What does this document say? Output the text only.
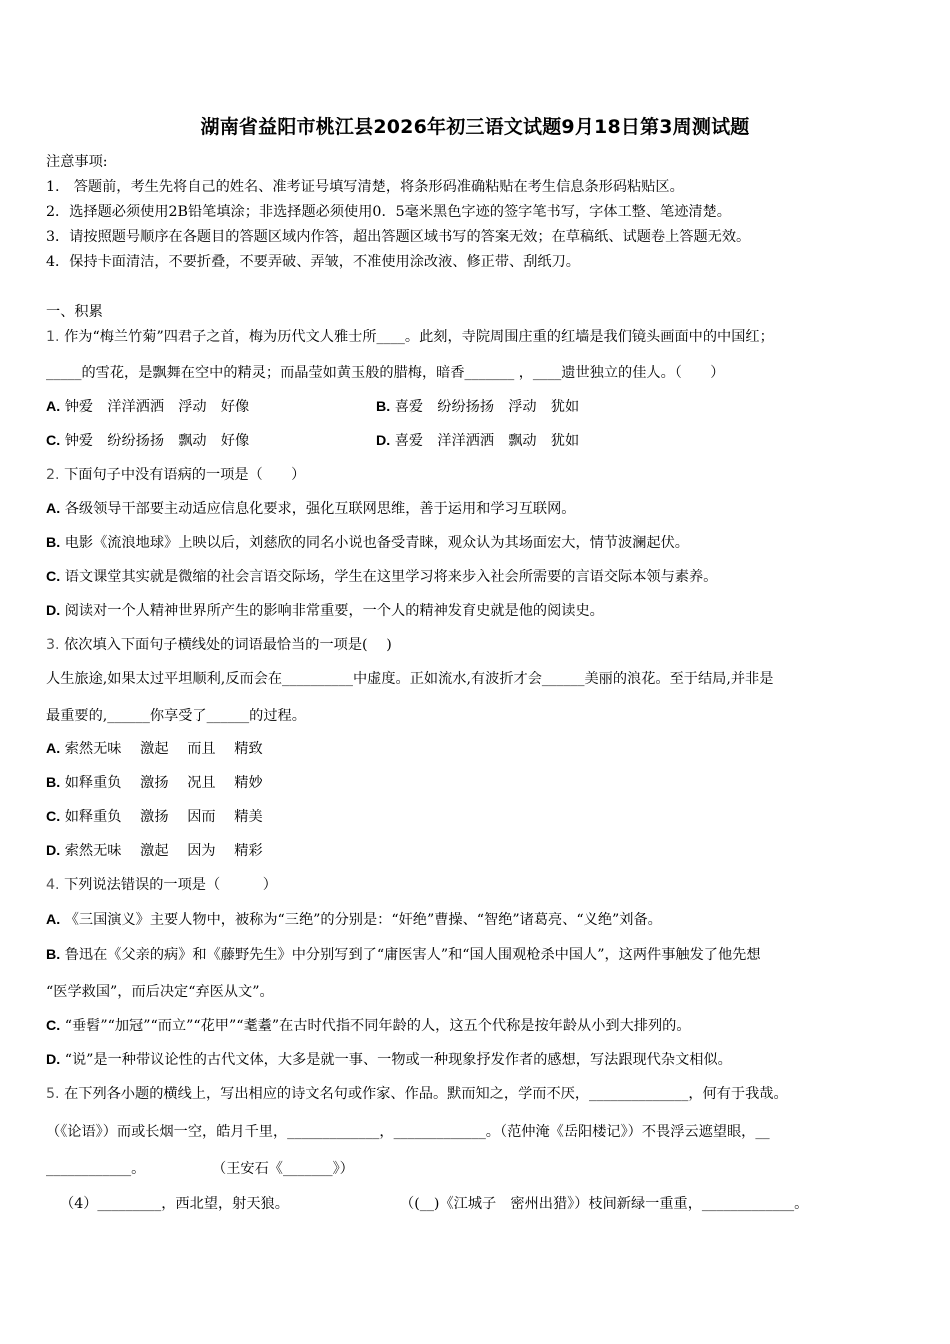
湖南省益阳市桃江县2026年初三语文试题9月18日第3周测试题
注意事项:
1.　答题前，考生先将自己的姓名、准考证号填写清楚，将条形码准确粘贴在考生信息条形码粘贴区。
2．选择题必须使用2B铅笔填涂；非选择题必须使用0．5毫米黑色字迹的签字笔书写，字体工整、笔迹清楚。
3．请按照题号顺序在各题目的答题区域内作答，超出答题区域书写的答案无效；在草稿纸、试题卷上答题无效。
4．保持卡面清洁，不要折叠，不要弄破、弄皱，不准使用涂改液、修正带、刮纸刀。
一、积累
1. 作为“梅兰竹菊”四君子之首，梅为历代文人雅士所____。此刻，寺院周围庄重的红墙是我们镜头画面中的中国红；
_____的雪花，是飘舞在空中的精灵；而晶莹如黄玉般的腊梅，暗香_______ ，____遗世独立的佳人。（　　）
A. 钟爱　洋洋洒洒　浮动　好像	B. 喜爱　纷纷扬扬　浮动　犹如
C. 钟爱　纷纷扬扬　飘动　好像	D. 喜爱　洋洋洒洒　飘动　犹如
2. 下面句子中没有语病的一项是（　　）
A. 各级领导干部要主动适应信息化要求，强化互联网思维，善于运用和学习互联网。
B. 电影《流浪地球》上映以后，刘慈欣的同名小说也备受青睐，观众认为其场面宏大，情节波澜起伏。
C. 语文课堂其实就是微缩的社会言语交际场，学生在这里学习将来步入社会所需要的言语交际本领与素养。
D. 阅读对一个人精神世界所产生的影响非常重要，一个人的精神发育史就是他的阅读史。
3. 依次填入下面句子横线处的词语最恰当的一项是(　 )
人生旅途,如果太过平坦顺利,反而会在__________中虚度。正如流水,有波折才会______美丽的浪花。至于结局,并非是
最重要的,______你享受了______的过程。
A. 索然无味　 激起　 而且　 精致
B. 如释重负　 激扬　 况且　 精妙
C. 如释重负　 激扬　 因而　 精美
D. 索然无味　 激起　 因为　 精彩
4. 下列说法错误的一项是（　　　）
A. 《三国演义》主要人物中，被称为“三绝”的分别是：“奸绝”曹操、“智绝”诸葛亮、“义绝”刘备。
B. 鲁迅在《父亲的病》和《藤野先生》中分别写到了“庸医害人”和“国人围观枪杀中国人”，这两件事触发了他先想
“医学救国”，而后决定“弃医从文”。
C. “垂髫”“加冠”“而立”“花甲”“耄耋”在古时代指不同年龄的人，这五个代称是按年龄从小到大排列的。
D. “说”是一种带议论性的古代文体，大多是就一事、一物或一种现象抒发作者的感想，写法跟现代杂文相似。
5. 在下列各小题的横线上，写出相应的诗文名句或作家、作品。默而知之，学而不厌，______________，何有于我哉。
（《论语》）而或长烟一空，皓月千里，_____________，_____________。（范仲淹《岳阳楼记》）不畏浮云遮望眼，__
____________。	（王安石《_______》）
（4）_________，西北望，射天狼。	（(__)《江城子　密州出猎》）枝间新绿一重重，_____________。
